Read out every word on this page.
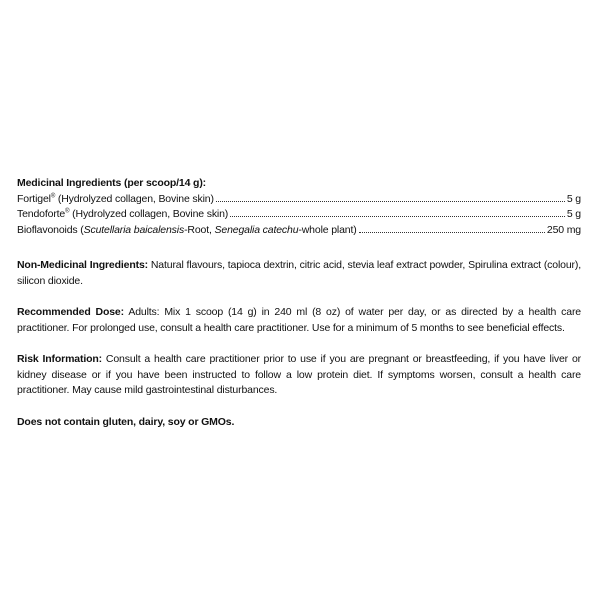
Medicinal Ingredients (per scoop/14 g):

Fortigel® (Hydrolyzed collagen, Bovine skin)	5 g
Tendoforte® (Hydrolyzed collagen, Bovine skin)	5 g
Bioflavonoids (Scutellaria baicalensis-Root, Senegalia catechu-whole plant)	250 mg

Non-Medicinal Ingredients: Natural flavours, tapioca dextrin, citric acid, stevia leaf extract powder, Spirulina extract (colour), silicon dioxide.

Recommended Dose: Adults: Mix 1 scoop (14 g) in 240 ml (8 oz) of water per day, or as directed by a health care practitioner. For prolonged use, consult a health care practitioner. Use for a minimum of 5 months to see beneficial effects.

Risk Information: Consult a health care practitioner prior to use if you are pregnant or breastfeeding, if you have liver or kidney disease or if you have been instructed to follow a low protein diet. If symptoms worsen, consult a health care practitioner. May cause mild gastrointestinal disturbances.

Does not contain gluten, dairy, soy or GMOs.
